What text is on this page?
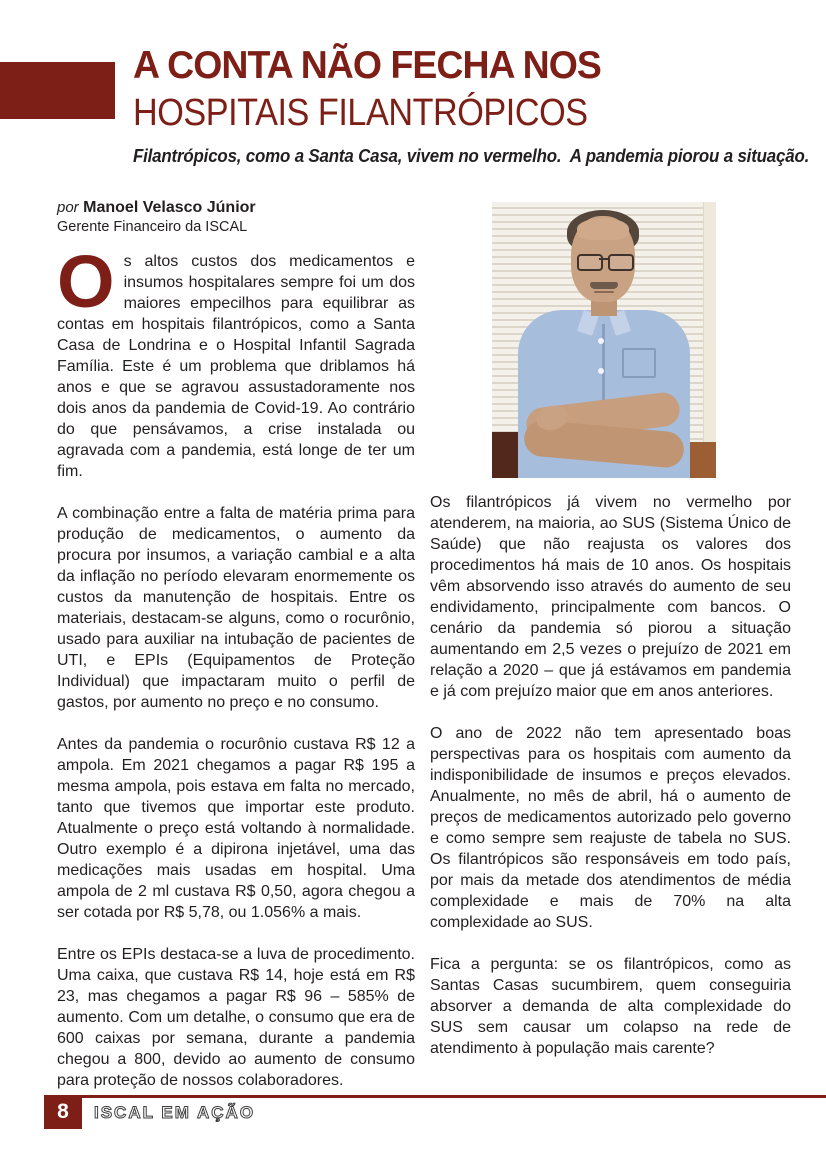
A CONTA NÃO FECHA NOS
HOSPITAIS FILANTRÓPICOS
Filantrópicos, como a Santa Casa, vivem no vermelho.  A pandemia piorou a situação.
por Manoel Velasco Júnior
Gerente Financeiro da ISCAL

Os altos custos dos medicamentos e insumos hospitalares sempre foi um dos maiores empecilhos para equilibrar as contas em hospitais filantrópicos, como a Santa Casa de Londrina e o Hospital Infantil Sagrada Família. Este é um problema que driblamos há anos e que se agravou assustadoramente nos dois anos da pandemia de Covid-19. Ao contrário do que pensávamos, a crise instalada ou agravada com a pandemia, está longe de ter um fim.

A combinação entre a falta de matéria prima para produção de medicamentos, o aumento da procura por insumos, a variação cambial e a alta da inflação no período elevaram enormemente os custos da manutenção de hospitais. Entre os materiais, destacam-se alguns, como o rocurônio, usado para auxiliar na intubação de pacientes de UTI, e EPIs (Equipamentos de Proteção Individual) que impactaram muito o perfil de gastos, por aumento no preço e no consumo.

Antes da pandemia o rocurônio custava R$ 12 a ampola. Em 2021 chegamos a pagar R$ 195 a mesma ampola, pois estava em falta no mercado, tanto que tivemos que importar este produto. Atualmente o preço está voltando à normalidade. Outro exemplo é a dipirona injetável, uma das medicações mais usadas em hospital. Uma ampola de 2 ml custava R$ 0,50, agora chegou a ser cotada por R$ 5,78, ou 1.056% a mais.

Entre os EPIs destaca-se a luva de procedimento. Uma caixa, que custava R$ 14, hoje está em R$ 23, mas chegamos a pagar R$ 96 – 585% de aumento. Com um detalhe, o consumo que era de 600 caixas por semana, durante a pandemia chegou a 800, devido ao aumento de consumo para proteção de nossos colaboradores.

Os filantrópicos já vivem no vermelho por atenderem, na maioria, ao SUS (Sistema Único de Saúde) que não reajusta os valores dos procedimentos há mais de 10 anos. Os hospitais vêm absorvendo isso através do aumento de seu endividamento, principalmente com bancos. O cenário da pandemia só piorou a situação aumentando em 2,5 vezes o prejuízo de 2021 em relação a 2020 – que já estávamos em pandemia e já com prejuízo maior que em anos anteriores.

O ano de 2022 não tem apresentado boas perspectivas para os hospitais com aumento da indisponibilidade de insumos e preços elevados. Anualmente, no mês de abril, há o aumento de preços de medicamentos autorizado pelo governo e como sempre sem reajuste de tabela no SUS. Os filantrópicos são responsáveis em todo país, por mais da metade dos atendimentos de média complexidade e mais de 70% na alta complexidade ao SUS.

Fica a pergunta: se os filantrópicos, como as Santas Casas sucumbirem, quem conseguiria absorver a demanda de alta complexidade do SUS sem causar um colapso na rede de atendimento à população mais carente?

8 ISCAL EM AÇÃO
